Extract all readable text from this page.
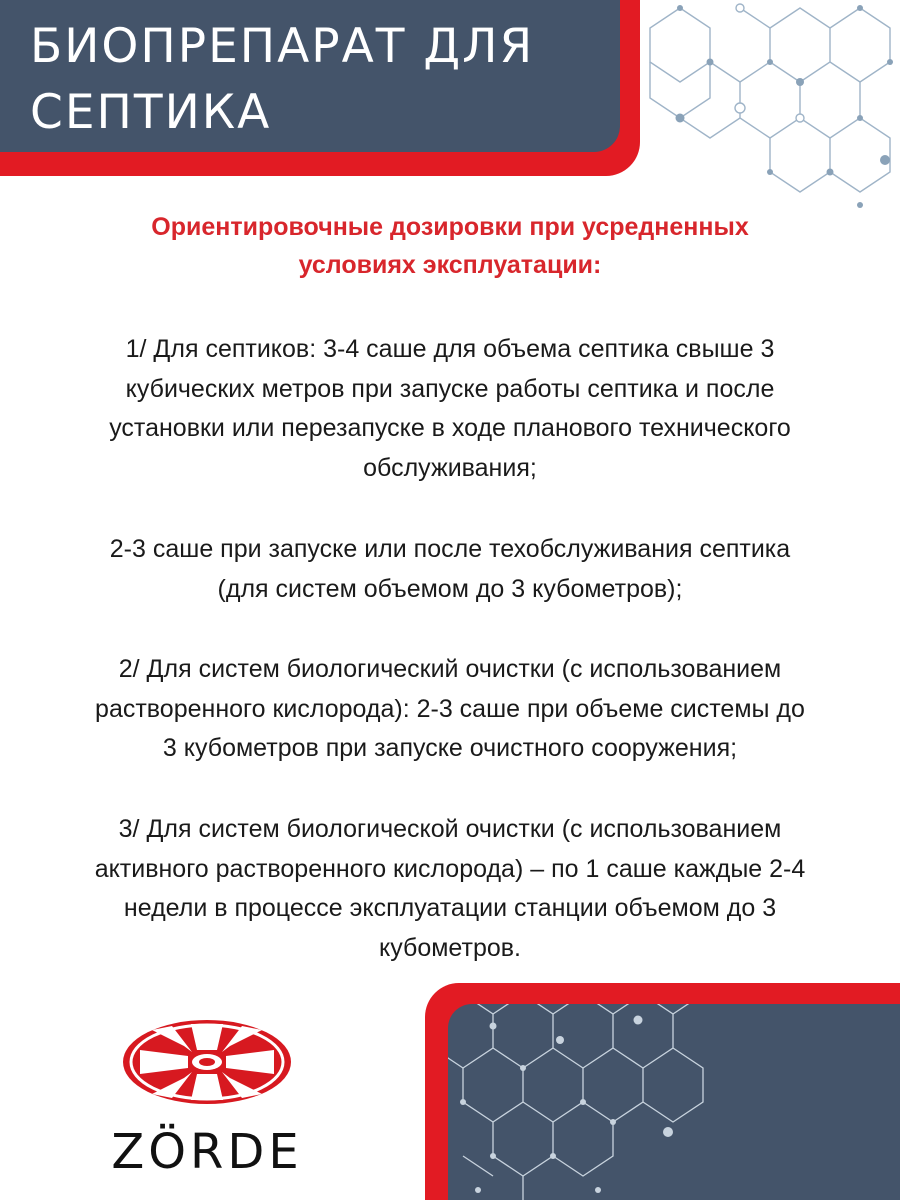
БИОПРЕПАРАТ ДЛЯ
СЕПТИКА

Ориентировочные дозировки при усредненных
условиях эксплуатации:

1/ Для септиков: 3-4 саше для объема септика свыше 3
кубических метров при запуске работы септика и после
установки или перезапуске в ходе планового технического
обслуживания;

2-3 саше при запуске или после техобслуживания септика
(для систем объемом до 3 кубометров);

2/ Для систем биологический очистки (с использованием
растворенного кислорода): 2-3 саше при объеме системы до
3 кубометров при запуске очистного сооружения;

3/ Для систем биологической очистки (с использованием
активного растворенного кислорода) – по 1 саше каждые 2-4
недели в процессе эксплуатации станции объемом до 3
кубометров.

ZÖRDE
